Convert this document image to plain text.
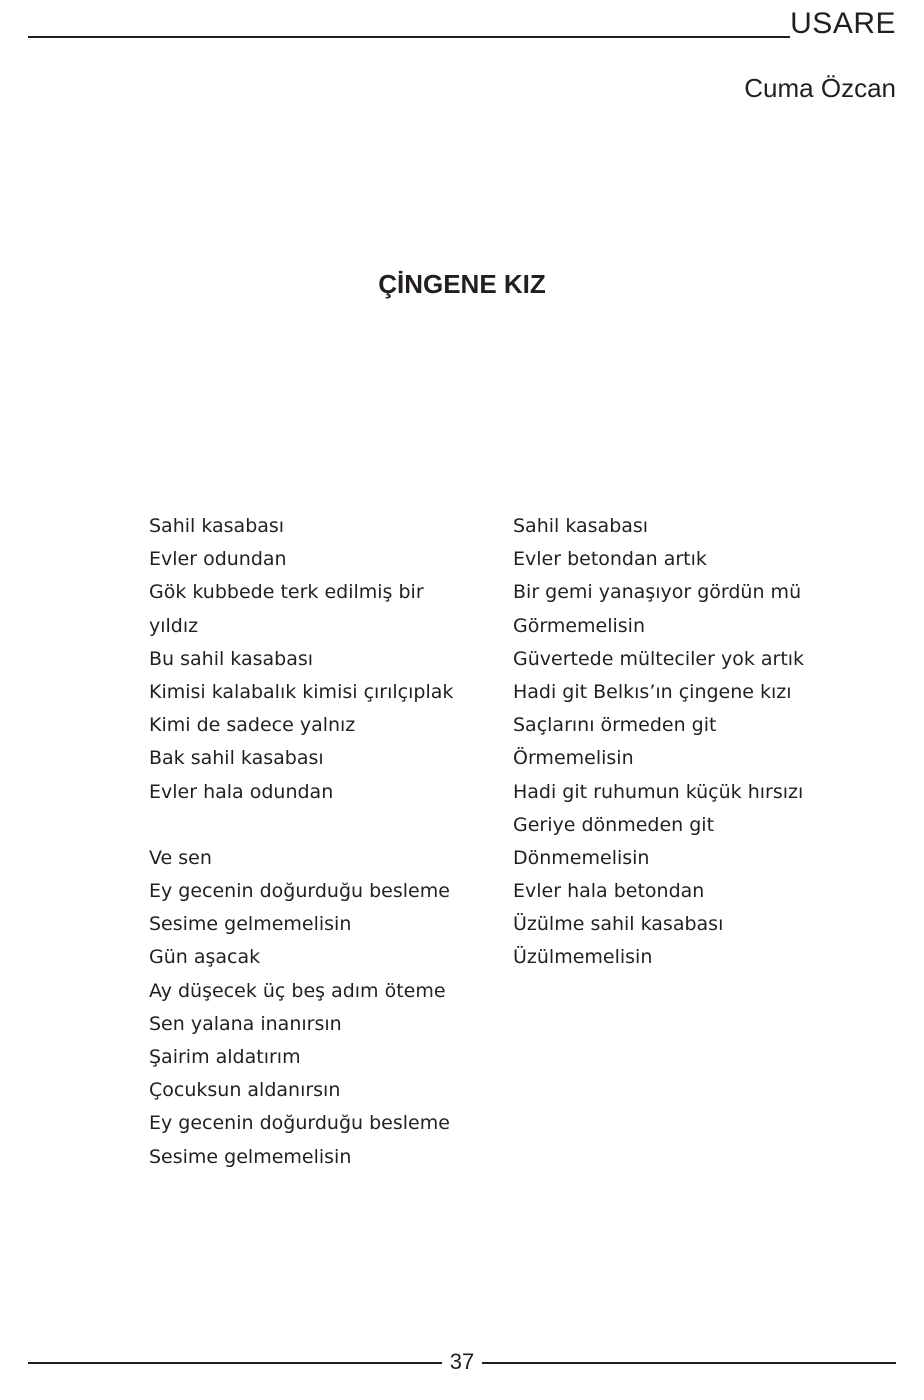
USARE
Cuma Özcan
ÇİNGENE KIZ
Sahil kasabası
Evler odundan
Gök kubbede terk edilmiş bir
yıldız
Bu sahil kasabası
Kimisi kalabalık kimisi çırılçıplak
Kimi de sadece yalnız
Bak sahil kasabası
Evler hala odundan
Ve sen
Ey gecenin doğurduğu besleme
Sesime gelmemelisin
Gün aşacak
Ay düşecek üç beş adım öteme
Sen yalana inanırsın
Şairim aldatırım
Çocuksun aldanırsın
Ey gecenin doğurduğu besleme
Sesime gelmemelisin
Sahil kasabası
Evler betondan artık
Bir gemi yanaşıyor gördün mü
Görmemelisin
Güvertede mülteciler yok artık
Hadi git Belkıs’ın çingene kızı
Saçlarını örmeden git
Örmemelisin
Hadi git ruhumun küçük hırsızı
Geriye dönmeden git
Dönmemelisin
Evler hala betondan
Üzülme sahil kasabası
Üzülmemelisin
37
